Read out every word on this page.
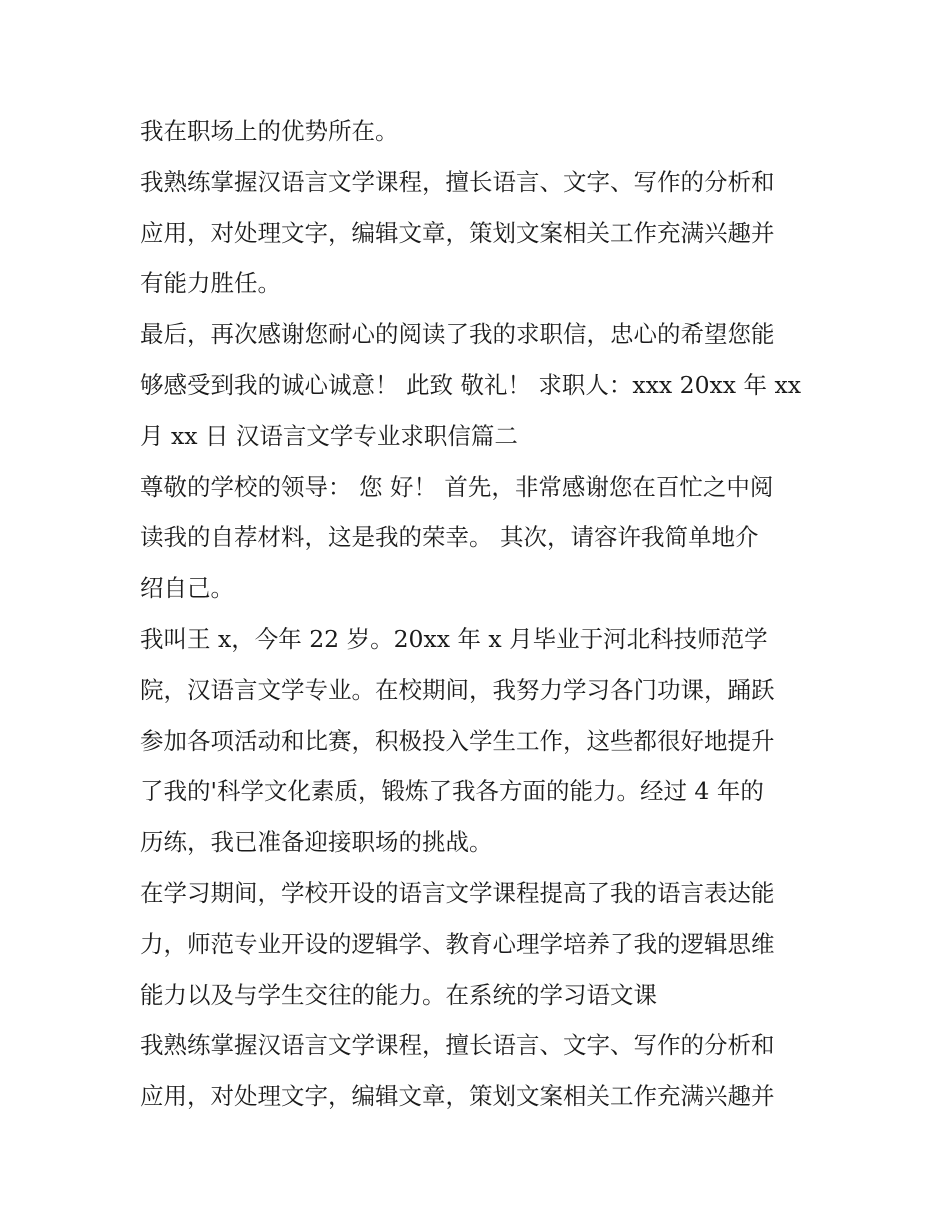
我在职场上的优势所在。
我熟练掌握汉语言文学课程，擅长语言、文字、写作的分析和
应用，对处理文字，编辑文章，策划文案相关工作充满兴趣并
有能力胜任。
最后，再次感谢您耐心的阅读了我的求职信，忠心的希望您能
够感受到我的诚心诚意！ 此致 敬礼！ 求职人：xxx 20xx 年 xx
月 xx 日 汉语言文学专业求职信篇二
尊敬的学校的领导： 您 好！ 首先，非常感谢您在百忙之中阅
读我的自荐材料，这是我的荣幸。 其次，请容许我简单地介
绍自己。
我叫王 x，今年 22 岁。20xx 年 x 月毕业于河北科技师范学
院，汉语言文学专业。在校期间，我努力学习各门功课，踊跃
参加各项活动和比赛，积极投入学生工作，这些都很好地提升
了我的'科学文化素质，锻炼了我各方面的能力。经过 4 年的
历练，我已准备迎接职场的挑战。
在学习期间，学校开设的语言文学课程提高了我的语言表达能
力，师范专业开设的逻辑学、教育心理学培养了我的逻辑思维
能力以及与学生交往的能力。在系统的学习语文课
我熟练掌握汉语言文学课程，擅长语言、文字、写作的分析和
应用，对处理文字，编辑文章，策划文案相关工作充满兴趣并
